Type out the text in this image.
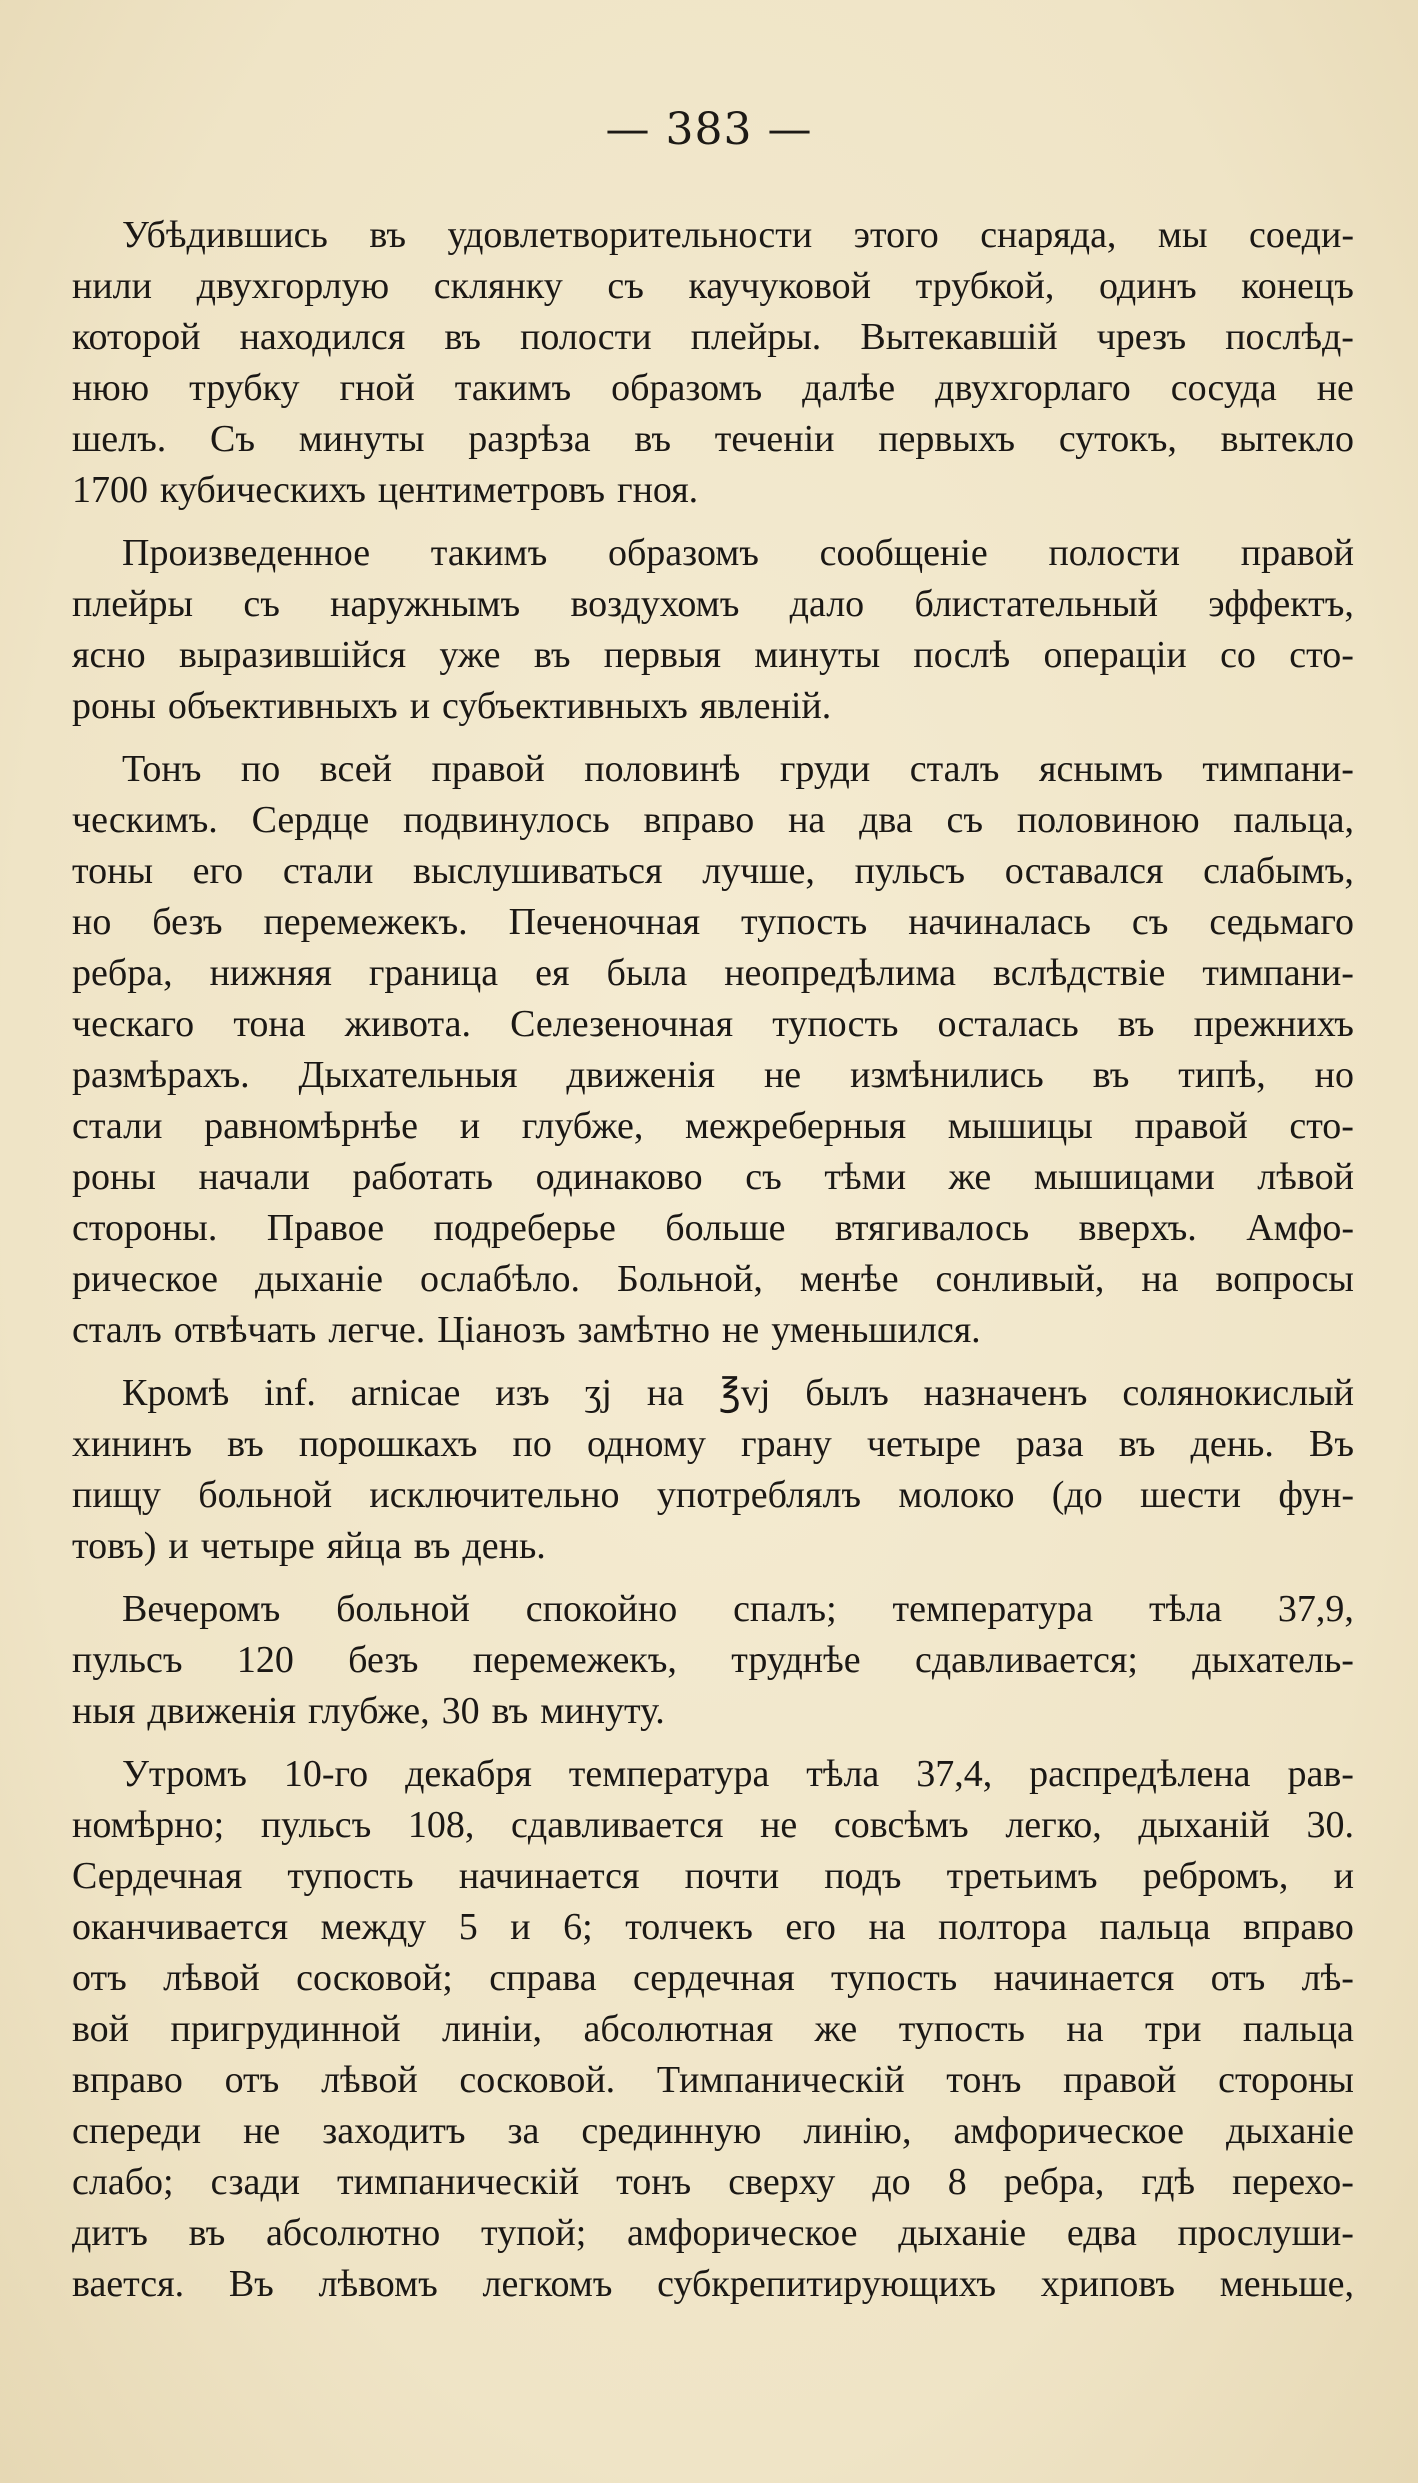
— 383 —
Убѣдившись въ удовлетворительности этого снаряда, мы соеди-
нили двухгорлую склянку съ каучуковой трубкой, одинъ конецъ
которой находился въ полости плейры. Вытекавшій чрезъ послѣд-
нюю трубку гной такимъ образомъ далѣе двухгорлаго сосуда не
шелъ. Съ минуты разрѣза въ теченіи первыхъ сутокъ, вытекло
1700 кубическихъ центиметровъ гноя.
Произведенное такимъ образомъ сообщеніе полости правой
плейры съ наружнымъ воздухомъ дало блистательный эффектъ,
ясно выразившійся уже въ первыя минуты послѣ операціи со сто-
роны объективныхъ и субъективныхъ явленій.
Тонъ по всей правой половинѣ груди сталъ яснымъ тимпани-
ческимъ. Сердце подвинулось вправо на два съ половиною пальца,
тоны его стали выслушиваться лучше, пульсъ оставался слабымъ,
но безъ перемежекъ. Печеночная тупость начиналась съ седьмаго
ребра, нижняя граница ея была неопредѣлима вслѣдствіе тимпани-
ческаго тона живота. Селезеночная тупость осталась въ прежнихъ
размѣрахъ. Дыхательныя движенія не измѣнились въ типѣ, но
стали равномѣрнѣе и глубже, межреберныя мышицы правой сто-
роны начали работать одинаково съ тѣми же мышицами лѣвой
стороны. Правое подреберье больше втягивалось вверхъ. Амфо-
рическое дыханіе ослабѣло. Больной, менѣе сонливый, на вопросы
сталъ отвѣчать легче. Ціанозъ замѣтно не уменьшился.
Кромѣ inf. arnicae изъ ʒj на ℥vj былъ назначенъ солянокислый
хининъ въ порошкахъ по одному грану четыре раза въ день. Въ
пищу больной исключительно употреблялъ молоко (до шести фун-
товъ) и четыре яйца въ день.
Вечеромъ больной спокойно спалъ; температура тѣла 37,9,
пульсъ 120 безъ перемежекъ, труднѣе сдавливается; дыхатель-
ныя движенія глубже, 30 въ минуту.
Утромъ 10-го декабря температура тѣла 37,4, распредѣлена рав-
номѣрно; пульсъ 108, сдавливается не совсѣмъ легко, дыханій 30.
Сердечная тупость начинается почти подъ третьимъ ребромъ, и
оканчивается между 5 и 6; толчекъ его на полтора пальца вправо
отъ лѣвой сосковой; справа сердечная тупость начинается отъ лѣ-
вой пригрудинной линіи, абсолютная же тупость на три пальца
вправо отъ лѣвой сосковой. Тимпаническій тонъ правой стороны
спереди не заходитъ за срединную линію, амфорическое дыханіе
слабо; сзади тимпаническій тонъ сверху до 8 ребра, гдѣ перехо-
дитъ въ абсолютно тупой; амфорическое дыханіе едва прослуши-
вается. Въ лѣвомъ легкомъ субкрепитирующихъ хриповъ меньше,
